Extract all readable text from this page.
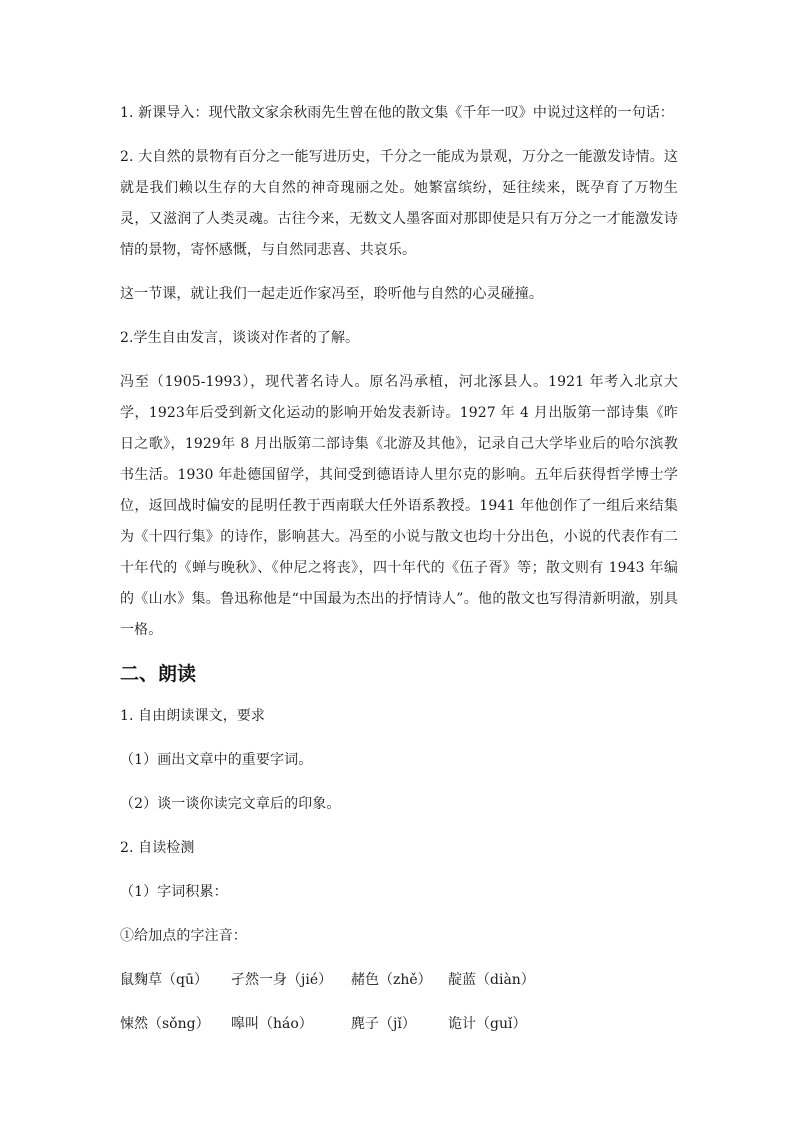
1. 新课导入：现代散文家余秋雨先生曾在他的散文集《千年一叹》中说过这样的一句话：

2. 大自然的景物有百分之一能写进历史，千分之一能成为景观，万分之一能激发诗情。这就是我们赖以生存的大自然的神奇瑰丽之处。她繁富缤纷，延往续来，既孕育了万物生灵，又滋润了人类灵魂。古往今来，无数文人墨客面对那即使是只有万分之一才能激发诗情的景物，寄怀感慨，与自然同悲喜、共哀乐。

这一节课，就让我们一起走近作家冯至，聆听他与自然的心灵碰撞。

2.学生自由发言，谈谈对作者的了解。

冯至（1905-1993），现代著名诗人。原名冯承植，河北涿县人。1921 年考入北京大学，1923年后受到新文化运动的影响开始发表新诗。1927 年 4 月出版第一部诗集《昨日之歌》，1929年 8 月出版第二部诗集《北游及其他》，记录自己大学毕业后的哈尔滨教书生活。1930 年赴德国留学，其间受到德语诗人里尔克的影响。五年后获得哲学博士学位，返回战时偏安的昆明任教于西南联大任外语系教授。1941 年他创作了一组后来结集为《十四行集》的诗作，影响甚大。冯至的小说与散文也均十分出色，小说的代表作有二十年代的《蝉与晚秋》、《仲尼之将丧》，四十年代的《伍子胥》等；散文则有 1943 年编的《山水》集。鲁迅称他是“中国最为杰出的抒情诗人”。他的散文也写得清新明澈，别具一格。

二、朗读

1. 自由朗读课文，要求

（1）画出文章中的重要字词。

（2）谈一谈你读完文章后的印象。

2. 自读检测

（1）字词积累：

①给加点的字注音：

鼠麴草（qū）	孑然一身（jié）	赭色（zhě）	靛蓝（diàn）
悚然（sǒng）	嗥叫（háo）	麂子（jǐ）	诡计（guǐ）
